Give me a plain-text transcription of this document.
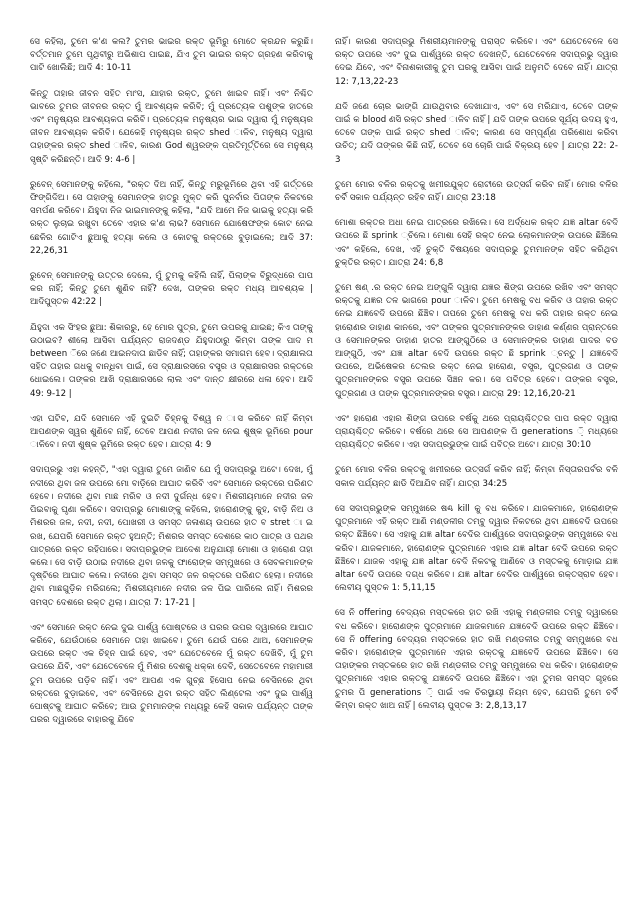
ସେ କହିଲା, ତୁମେ କ'ଣ କଲ? ତୁମର ଭାଇର ରକ୍ତ ଭୂମିରୁ ମୋତେ କ୍ରନ୍ଦନ କରୁଛି। ବର୍ତ୍ତମାନ ତୁମେ ପୃଥିବୀରୁ ଅଭିଶାପ ପାଇଛ, ଯିଏ ତୁମ ଭାଇର ରକ୍ତ ଗ୍ରହଣ କରିବାକୁ ପାଟି ଖୋଲିଛି; ଆଦି 4: 10-11

କିନ୍ତୁ ତାହାର ଜୀବନ ସହିତ ମାଂସ, ଯାହାର ରକ୍ତ, ତୁମେ ଖାଇବ ନାହିଁ। ଏବଂ ନିଶ୍ଚିତ ଭାବରେ ତୁମର ଜୀବନର ରକ୍ତ ମୁଁ ଆବଶ୍ୟକ କରିବି; ମୁଁ ପ୍ରତ୍ୟେକ ପଶୁଙ୍କ ହାତରେ ଏବଂ ମନୁଷ୍ୟର ଆବଶ୍ୟକତା କରିବି। ପ୍ରତ୍ୟେକ ମନୁଷ୍ୟର ଭାଇ ଦ୍ୱାରା ମୁଁ ମନୁଷ୍ୟର ଜୀବନ ଆବଶ୍ୟକ କରିବି। ଯେକେହି ମନୁଷ୍ୟର ରକ୍ତ shed ାଳିବ, ମନୁଷ୍ୟ ଦ୍ୱାରା ତାହାଙ୍କର ରକ୍ତ shed ାଳିବ, କାରଣ God ଶ୍ୱରଙ୍କ ପ୍ରତିମୂର୍ତ୍ତିରେ ସେ ମନୁଷ୍ୟ ସୃଷ୍ଟି କରିଛନ୍ତି। ଆଦି 9: 4-6 |

ରୁବେନ୍ ସେମାନଙ୍କୁ କହିଲେ, "ରକ୍ତ ଦିଅ ନାହିଁ, କିନ୍ତୁ ମରୁଭୂମିରେ ଥିବା ଏହି ଗର୍ତ୍ତରେ ଫିଙ୍ଗିଦିଅ। ସେ ତାହାଙ୍କୁ ସେମାନଙ୍କ ହାତରୁ ମୁକ୍ତ କରି ପୁନର୍ବାର ପିତାଙ୍କ ନିକଟରେ ସମର୍ପଣ କରିବେ। ଯିହୁଦା ନିଜ ଭାଇମାନଙ୍କୁ କହିଲା, "ଯଦି ଆମେ ନିଜ ଭାଇକୁ ହତ୍ୟା କରି ରକ୍ତ ଲୁଚାଇ ରଖୁବା ତେବେ ଏହାର କ'ଣ ଲାଭ? ସେମାନେ ଯୋଷେଫଙ୍କ କୋଟ ନେଇ ଛେଳିର ଗୋଟିଏ ଛୁଆକୁ ହତ୍ୟା କଲେ ଓ କୋଟକୁ ରକ୍ତରେ ବୁଡ଼ାଇଲେ; ଆଦି 37: 22,26,31

ରୁବେନ୍ ସେମାନଙ୍କୁ ଉତ୍ତର ଦେଲେ, ମୁଁ ତୁମକୁ କହିଲି ନାହିଁ, ପିଲାଙ୍କ ବିରୁଦ୍ଧରେ ପାପ କର ନାହିଁ; କିନ୍ତୁ ତୁମେ ଶୁଣିବ ନାହିଁ? ଦେଖ, ତାଙ୍କର ରକ୍ତ ମଧ୍ୟ ଆବଶ୍ୟକ | ଆଦିପୁସ୍ତକ 42:22 |

ଯିହୁଦା ଏକ ସିଂହର ଛୁଆ: ଶିକାରରୁ, ହେ ମୋର ପୁତ୍ର, ତୁମେ ଉପରକୁ ଯାଇଛ; କିଏ ତାଙ୍କୁ ଉଠାଇବ? ଶୀଲୋ ଆସିବା ପର୍ଯ୍ୟନ୍ତ ରାଜଦଣ୍ଡ ଯିହୁଦାଠାରୁ କିମ୍ବା ତାଙ୍କ ପାଦ ମ between ିରେ ଜଣେ ଆଇନଦାତା ଛାଡିବ ନାହିଁ; ତାହାଙ୍କର ସମାଗମ ହେବ। ଦ୍ରାକ୍ଷାଲତା ସହିତ ତାହାର ଗଧକୁ ବାନ୍ଧିବା ପାଇଁ, ସେ ଦ୍ରାକ୍ଷାରସରେ ବସ୍ତ୍ର ଓ ଦ୍ରାକ୍ଷାରସର ରକ୍ତରେ ଧୋଇଲେ। ତାଙ୍କର ଆଖି ଦ୍ରାକ୍ଷାରସରେ ଲାଲ ଏବଂ ଦାନ୍ତ କ୍ଷୀରରେ ଧଳା ହେବ। ଆଦି 49: 9-12 |

ଏହା ଘଟିବ, ଯଦି ସେମାନେ ଏହି ଦୁଇଟି ଚିହ୍ନକୁ ବିଶ୍ୱ ନ ାସ କରିବେ ନାହିଁ କିମ୍ବା ଆପଣଙ୍କ ସ୍ୱର ଶୁଣିବେ ନାହିଁ, ତେବେ ଆପଣ ନଦୀର ଜଳ ନେଇ ଶୁଷ୍କ ଭୂମିରେ pour ାଳିବେ। ନଦୀ ଶୁଷ୍କ ଭୂମିରେ ରକ୍ତ ହେବ। ଯାତ୍ରା 4: 9

ସଦାପ୍ରଭୁ ଏହା କହନ୍ତି, "ଏହା ଦ୍ୱାରା ତୁମେ ଜାଣିବ ଯେ ମୁଁ ସଦାପ୍ରଭୁ ଅଟେ। ଦେଖ, ମୁଁ ନଦୀରେ ଥିବା ଜଳ ଉପରେ ମୋ ବାଡ଼ିରେ ଆଘାତ କରିବି ଏବଂ ସେମାନେ ରକ୍ତରେ ପରିଣତ ହେବେ। ନଦୀରେ ଥିବା ମାଛ ମରିବ ଓ ନଦୀ ଦୁର୍ଗନ୍ଧ ହେବ। ମିଶରୀୟମାନେ ନଦୀର ଜଳ ପିଇବାକୁ ଘୃଣା କରିବେ। ସଦାପ୍ରଭୁ ମୋଶାଙ୍କୁ କହିଲେ, ହାରୋଣଙ୍କୁ କୁହ, ବାଡ଼ି ନିଅ ଓ ମିଶରର ଜଳ, ନଦୀ, ନଦୀ, ପୋଖରୀ ଓ ସମସ୍ତ ଜଳାଶୟ ଉପରେ ହାତ ବ stret ା ଇ ରଖ, ଯେପରି ସେମାନେ ରକ୍ତ ହୁଅନ୍ତି; ମିଶରର ସମସ୍ତ ଦେଶରେ କାଠ ପାତ୍ର ଓ ପଥର ପାତ୍ରରେ ରକ୍ତ ରହିପାରେ। ସଦାପ୍ରଭୁଙ୍କ ଆଦେଶ ଅନୁଯାୟୀ ମୋଶା ଓ ହାରୋଣ ତାହା କଲେ। ସେ ବାଡ଼ି ଉଠାଇ ନଦୀରେ ଥିବା ଜଳକୁ ଫାରୋଙ୍କ ସମ୍ମୁଖରେ ଓ ସେବକମାନଙ୍କ ଦୃଷ୍ଟିରେ ଆଘାତ କଲେ। ନଦୀରେ ଥିବା ସମସ୍ତ ଜଳ ରକ୍ତରେ ପରିଣତ ହେଲା। ନଦୀରେ ଥିବା ମାଛଗୁଡ଼ିକ ମରିଗଲେ; ମିଶରୀୟମାନେ ନଦୀର ଜଳ ପିଇ ପାରିଲେ ନାହିଁ। ମିଶରର ସମସ୍ତ ଦେଶରେ ରକ୍ତ ଥିଲା। ଯାତ୍ରା 7: 17-21 |

ଏବଂ ସେମାନେ ରକ୍ତ ନେଇ ଦୁଇ ପାର୍ଶ୍ୱ ପୋଷ୍ଟରେ ଓ ଘରର ଉପର ଦ୍ୱାରରେ ଆଘାତ କରିବେ, ଯେଉଁଠାରେ ସେମାନେ ତାହା ଖାଇବେ। ତୁମେ ଯେଉଁ ଘରେ ଥାଅ, ସେମାନଙ୍କ ଉପରେ ରକ୍ତ ଏକ ଚିହ୍ନ ପାଇଁ ହେବ, ଏବଂ ଯେତେବେଳେ ମୁଁ ରକ୍ତ ଦେଖିବି, ମୁଁ ତୁମ ଉପରେ ଯିବି, ଏବଂ ଯେତେବେଳେ ମୁଁ ମିଶର ଦେଶକୁ ଧକ୍କା ଦେବି, ସେତେବେଳେ ମହାମାରୀ ତୁମ ଉପରେ ପଡ଼ିବ ନାହିଁ। ଏବଂ ଆପଣ ଏକ ଗୁଚ୍ଛ ହିସୋପ ନେଇ ବେସିନରେ ଥିବା ରକ୍ତରେ ବୁଡ଼ାଇବେ, ଏବଂ ବେସିନରେ ଥିବା ରକ୍ତ ସହିତ ଲିଣ୍ଟେଲ ଏବଂ ଦୁଇ ପାର୍ଶ୍ୱ ପୋଷ୍ଟକୁ ଆଘାତ କରିବେ; ଆଉ ତୁମମାନଙ୍କ ମଧ୍ୟରୁ କେହି ସକାଳ ପର୍ଯ୍ୟନ୍ତ ତାଙ୍କ ଘରର ଦ୍ୱାରରେ ବାହାରକୁ ଯିବେ

ନାହିଁ। କାରଣ ସଦାପ୍ରଭୁ ମିଶରୀୟମାନଙ୍କୁ ପରାସ୍ତ କରିବେ। ଏବଂ ଯେତେବେଳେ ସେ ରକ୍ତ ଉପରେ ଏବଂ ଦୁଇ ପାର୍ଶ୍ୱରେ ରକ୍ତ ଦେଖନ୍ତି, ଯେତେବେଳେ ସଦାପ୍ରଭୁ ଦ୍ୱାର ଦେଇ ଯିବେ, ଏବଂ ବିନାଶକାରୀକୁ ତୁମ ଘରକୁ ଆସିବା ପାଇଁ ଅନୁମତି ଦେବେ ନାହିଁ। ଯାତ୍ରା 12: 7,13,22-23

ଯଦି ଜଣେ ଚୋର ଭାଙ୍ଗି ଯାଉଥିବାର ଦେଖାଯାଏ, ଏବଂ ସେ ମରିଯାଏ, ତେବେ ତାଙ୍କ ପାଇଁ କ blood ଣସି ରକ୍ତ shed ାଳିବ ନାହିଁ | ଯଦି ତାଙ୍କ ଉପରେ ସୂର୍ଯ୍ୟ ଉଦୟ ହୁଏ, ତେବେ ତାଙ୍କ ପାଇଁ ରକ୍ତ shed ାଳିବ; କାରଣ ସେ ସମ୍ପୂର୍ଣ୍ଣ ପରିଶୋଧ କରିବା ଉଚିତ୍; ଯଦି ତାଙ୍କର କିଛି ନାହିଁ, ତେବେ ସେ ଚୋରି ପାଇଁ ବିକ୍ରୟ ହେବ | ଯାତ୍ରା 22: 2-3

ତୁମେ ମୋର ବଳିର ରକ୍ତକୁ ଖମୀରଯୁକ୍ତ ରୋଟୀରେ ଉତ୍ସର୍ଗ କରିବ ନାହିଁ। ମୋର ବଳିର ଚର୍ବି ସକାଳ ପର୍ଯ୍ୟନ୍ତ ରହିବ ନାହିଁ। ଯାତ୍ରା 23:18

ମୋଶା ରକ୍ତର ଅଧା ନେଇ ପାତ୍ରରେ ରଖିଲେ। ସେ ଅର୍ଦ୍ଧେକ ରକ୍ତ ଯଜ୍ଞ altar ବେଦି ଉପରେ ଛି sprink ୍ଚିଲେ। ମୋଶା ସେହି ରକ୍ତ ନେଇ ଲୋକମାନଙ୍କ ଉପରେ ଛିଞ୍ଚିଲେ ଏବଂ କହିଲେ, ଦେଖ, ଏହି ଚୁକ୍ତି ବିଷୟରେ ସଦାପ୍ରଭୁ ତୁମମାନଙ୍କ ସହିତ କରିଥିବା ଚୁକ୍ତିର ରକ୍ତ। ଯାତ୍ରା 24: 6,8

ତୁମେ ଷଣ୍ .ର ରକ୍ତ ନେଇ ଅଙ୍ଗୁଳି ଦ୍ୱାରା ଯଜ୍ଞର ଶିଙ୍ଗ ଉପରେ ରଖିବ ଏବଂ ସମସ୍ତ ରକ୍ତକୁ ଯଜ୍ଞର ତଳ ଭାଗରେ pour ାଳିବ। ତୁମେ ମେଷକୁ ବଧ କରିବ ଓ ତାହାର ରକ୍ତ ନେଇ ଯଜ୍ଞବେଦି ଉପରେ ଛିଞ୍ଚିବ। ତାପରେ ତୁମେ ମେଷକୁ ବଧ କରି ତାହାର ରକ୍ତ ନେଇ ହାରୋଣର ଡାହାଣ କାନରେ, ଏବଂ ତାଙ୍କର ପୁତ୍ରମାନଙ୍କର ଡାହାଣ କର୍ଣ୍ଣର ପ୍ରାନ୍ତରେ ଓ ସେମାନଙ୍କର ଡାହାଣ ହାତର ଆଙ୍ଗୁଠିରେ ଓ ସେମାନଙ୍କର ଡାହାଣ ପାଦର ବଡ ଆଙ୍ଗୁଠି, ଏବଂ ଯଜ୍ଞ altar ବେଦି ଉପରେ ରକ୍ତ ଛି sprink ୍ଚନ୍ତୁ | ଯଜ୍ଞବେଦି ଉପରେ, ଅଭିଷେକର ତେଲର ରକ୍ତ ନେଇ ହାରୋଣ, ବସ୍ତ୍ର, ପୁତ୍ରଗଣ ଓ ତାଙ୍କ ପୁତ୍ରମାନଙ୍କର ବସ୍ତ୍ର ଉପରେ ସିଞ୍ଚନ କର। ସେ ପବିତ୍ର ହେବେ। ତାଙ୍କର ବସ୍ତ୍ର, ପୁତ୍ରଗଣ ଓ ତାଙ୍କ ପୁତ୍ରମାନଙ୍କର ବସ୍ତ୍ର। ଯାତ୍ରା 29: 12,16,20-21

ଏବଂ ହାରୋଣ ଏହାର ଶିଙ୍ଗ ଉପରେ ବର୍ଷକୁ ଥରେ ପ୍ରାୟଶ୍ଚିତ୍ତର ପାପ ରକ୍ତ ଦ୍ୱାରା ପ୍ରାୟଶ୍ଚିତ୍ତ କରିବେ। ବର୍ଷରେ ଥରେ ସେ ଆପଣଙ୍କ ପି generations ଼ି ମଧ୍ୟରେ ପ୍ରାୟଶ୍ଚିତ୍ତ କରିବେ। ଏହା ସଦାପ୍ରଭୁଙ୍କ ପାଇଁ ପବିତ୍ର ଅଟେ। ଯାତ୍ରା 30:10

ତୁମେ ମୋର ବଳିର ରକ୍ତକୁ ଖମୀରରେ ଉତ୍ସର୍ଗ କରିବ ନାହିଁ; କିମ୍ବା ନିସ୍ତାରପର୍ବର ବଳି ସକାଳ ପର୍ଯ୍ୟନ୍ତ ଛାଡି ଦିଆଯିବ ନାହିଁ। ଯାତ୍ରା 34:25

ସେ ସଦାପ୍ରଭୁଙ୍କ ସମ୍ମୁଖରେ ଷଣ୍ଢ kill କୁ ବଧ କରିବେ। ଯାଜକମାନେ, ହାରୋଣଙ୍କ ପୁତ୍ରମାନେ ଏହି ରକ୍ତ ଆଣି ମଣ୍ଡଳୀର ତମ୍ବୁ ଦ୍ୱାର ନିକଟରେ ଥିବା ଯଜ୍ଞବେଦି ଉପରେ ରକ୍ତ ଛିଞ୍ଚିବେ। ସେ ଏହାକୁ ଯଜ୍ଞ altar ବେଦିର ପାର୍ଶ୍ୱରେ ସଦାପ୍ରଭୁଙ୍କ ସମ୍ମୁଖରେ ବଧ କରିବ। ଯାଜକମାନେ, ହାରୋଣଙ୍କ ପୁତ୍ରମାନେ ଏହାର ଯଜ୍ଞ altar ବେଦି ଉପରେ ରକ୍ତ ଛିଞ୍ଚିବେ। ଯାଜକ ଏହାକୁ ଯଜ୍ଞ altar ବେଦି ନିକଟକୁ ଆଣିବେ ଓ ମସ୍ତକକୁ ମୋଡ଼ାଇ ଯଜ୍ଞ altar ବେଦି ଉପରେ ଦଗ୍ଧ କରିବେ। ଯଜ୍ଞ altar ବେଦିର ପାର୍ଶ୍ୱରେ ରକ୍ତସ୍ରାବ ହେବ। ଲେବୀୟ ପୁସ୍ତକ 1: 5,11,15

ସେ ନି offering ବେଦ୍ୟର ମସ୍ତକରେ ହାତ ରଖି ଏହାକୁ ମଣ୍ଡଳୀର ତମ୍ବୁ ଦ୍ୱାରରେ ବଧ କରିବେ। ହାରୋଣଙ୍କ ପୁତ୍ରମାନେ ଯାଜକମାନେ ଯଜ୍ଞବେଦି ଉପରେ ରକ୍ତ ଛିଞ୍ଚିବେ। ସେ ନି offering ବେଦ୍ୟର ମସ୍ତକରେ ହାତ ରଖି ମଣ୍ଡଳୀର ତମ୍ବୁ ସମ୍ମୁଖରେ ବଧ କରିବ। ହାରୋଣଙ୍କ ପୁତ୍ରମାନେ ଏହାର ରକ୍ତକୁ ଯଜ୍ଞବେଦି ଉପରେ ଛିଞ୍ଚିବେ। ସେ ତାହାଙ୍କର ମସ୍ତକରେ ହାତ ରଖି ମଣ୍ଡଳୀର ତମ୍ବୁ ସମ୍ମୁଖରେ ବଧ କରିବ। ହାରୋଣଙ୍କ ପୁତ୍ରମାନେ ଏହାର ରକ୍ତକୁ ଯଜ୍ଞବେଦି ଉପରେ ଛିଞ୍ଚିବେ। ଏହା ତୁମର ସମସ୍ତ ଗୃହରେ ତୁମର ପି generations ଼ି ପାଇଁ ଏକ ଚିରସ୍ଥାୟୀ ନିୟମ ହେବ, ଯେପରି ତୁମେ ଚର୍ବି କିମ୍ବା ରକ୍ତ ଖାଅ ନାହିଁ | ଲେବୀୟ ପୁସ୍ତକ 3: 2,8,13,17
